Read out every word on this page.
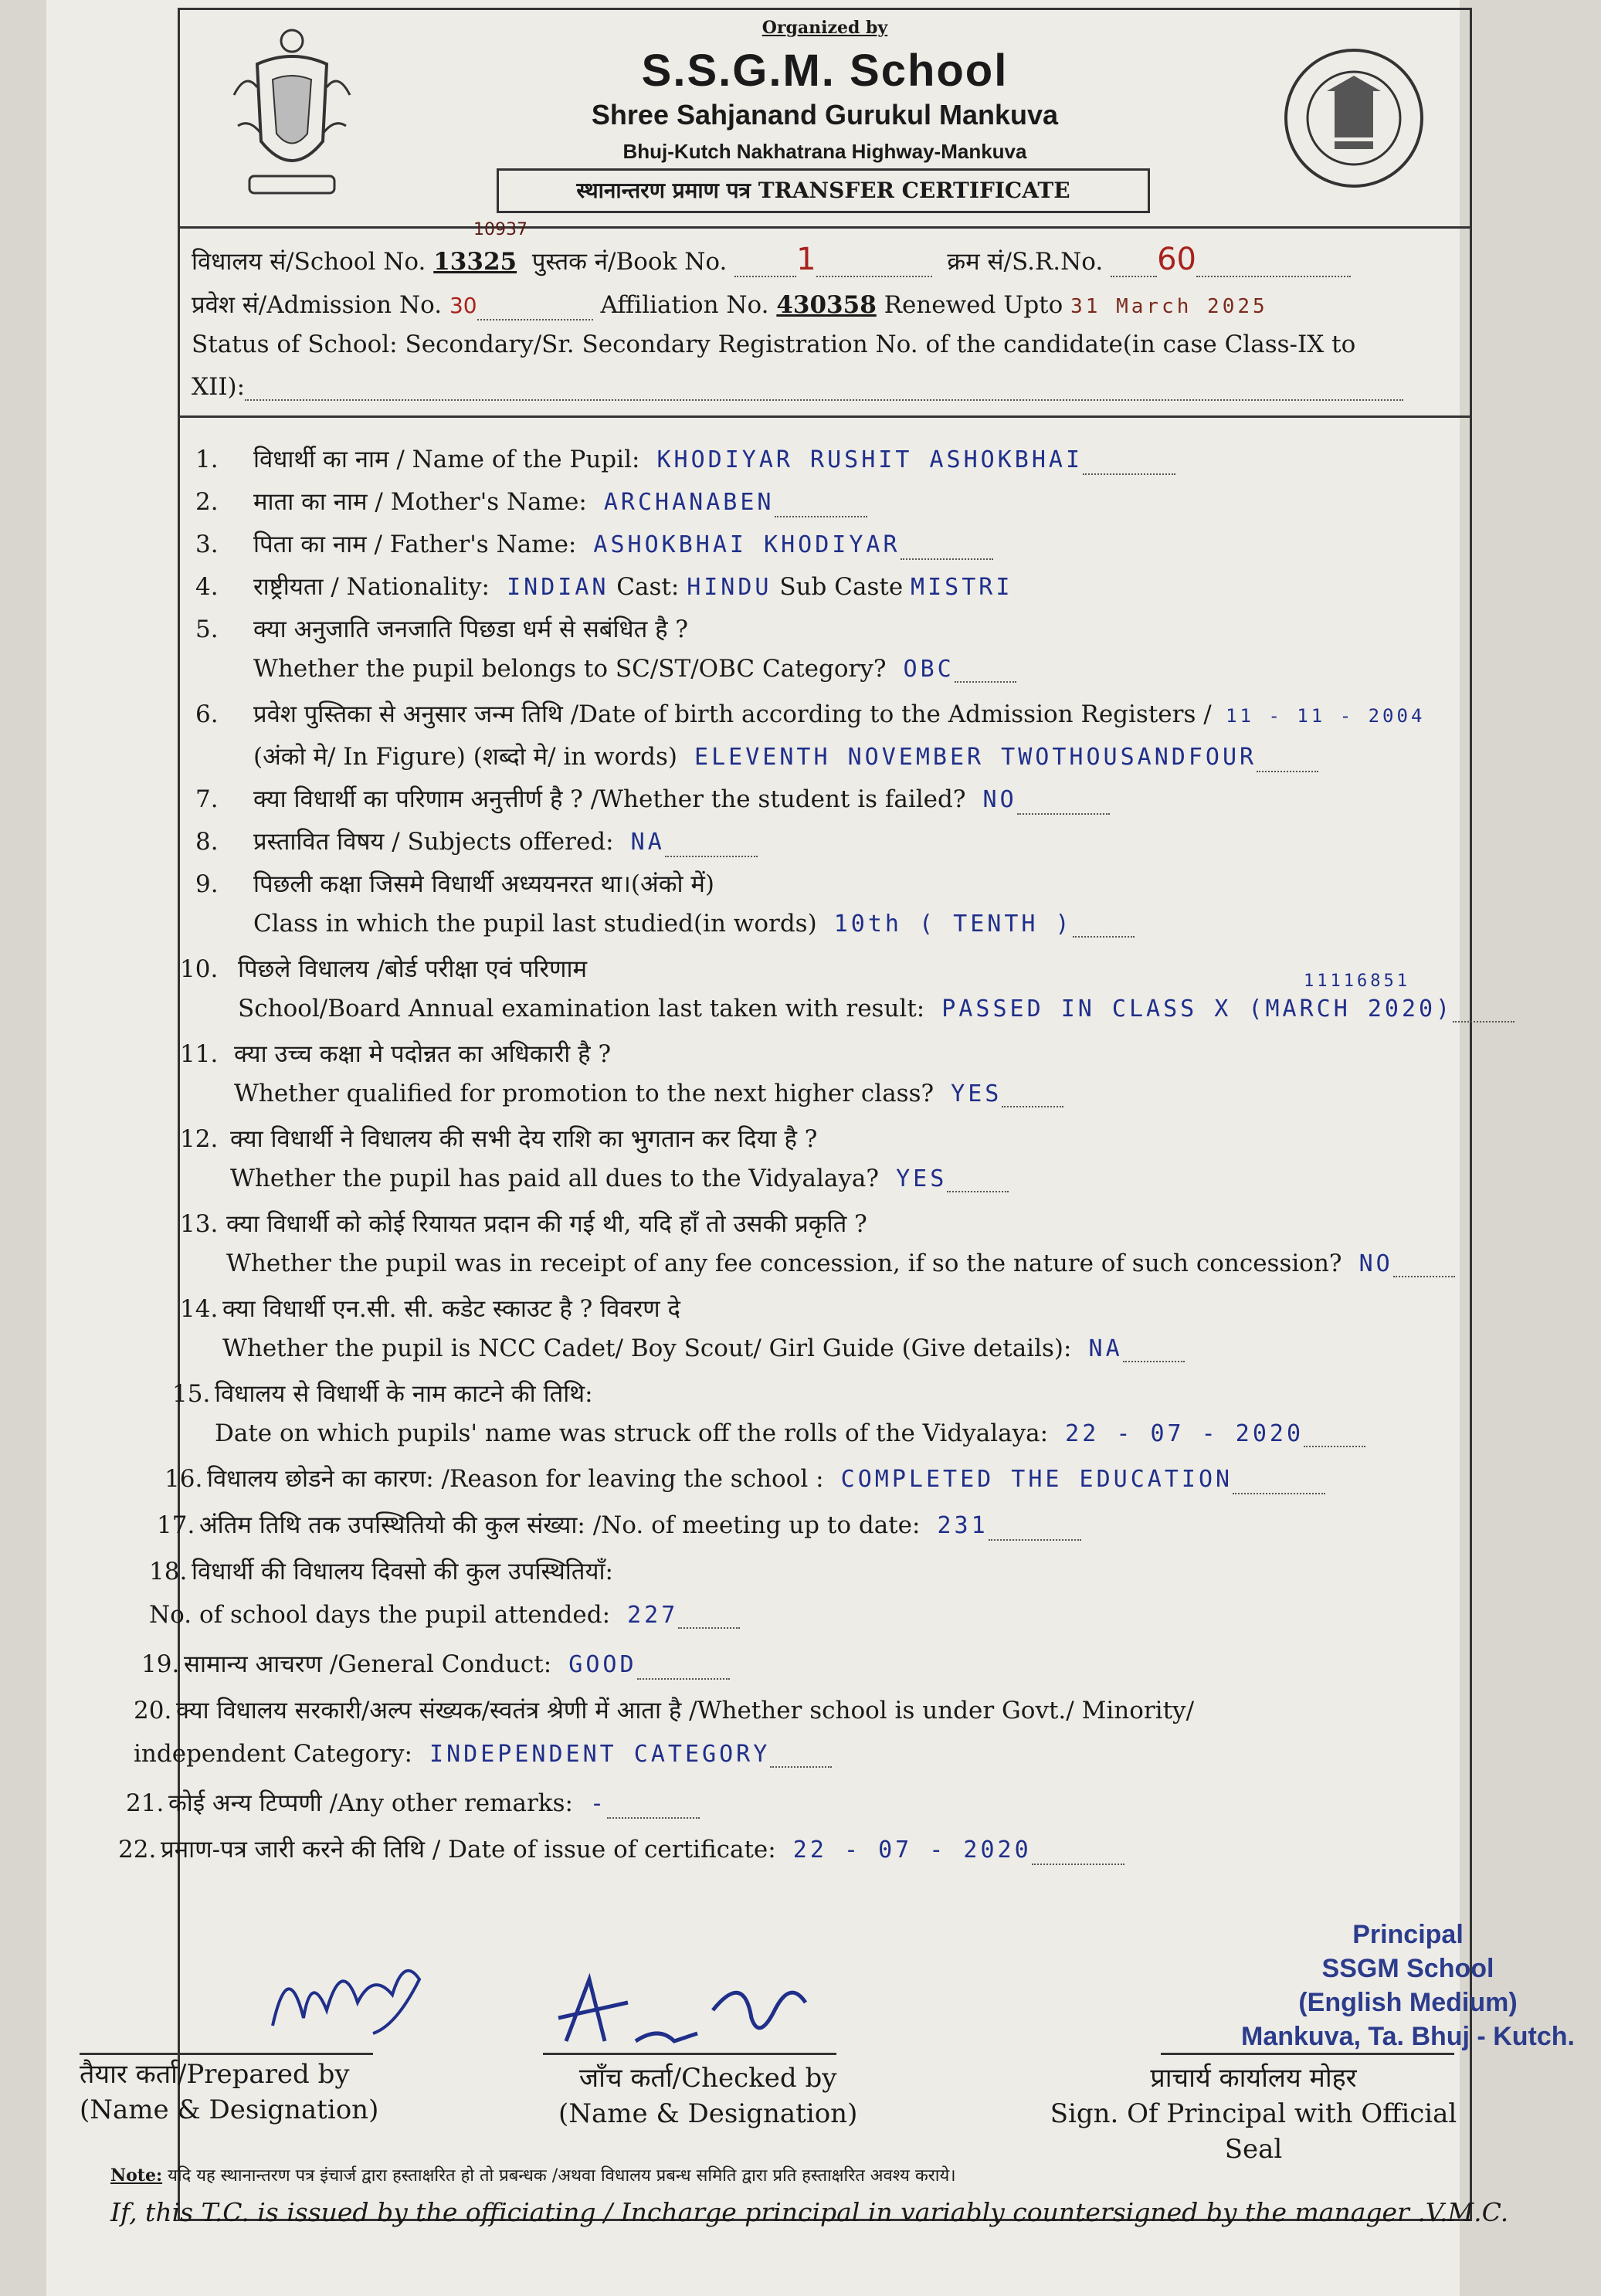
Organized by
S.S.G.M. School
Shree Sahjanand Gurukul Mankuva
Bhuj-Kutch Nakhatrana Highway-Mankuva
स्थानान्तरण प्रमाण पत्र TRANSFER CERTIFICATE
विधालय सं/School No. 13325
10937
पुस्तक नं/Book No. 1	क्रम सं/S.R.No. 60
प्रवेश सं/Admission No. 30	Affiliation No. 430358 Renewed Upto 31 March 2025
Status of School: Secondary/Sr. Secondary Registration No. of the candidate(in case Class-IX to
XII):
1. विधार्थी का नाम / Name of the Pupil: KHODIYAR RUSHIT ASHOKBHAI
2. माता का नाम / Mother's Name: ARCHANABEN
3. पिता का नाम / Father's Name: ASHOKBHAI KHODIYAR
4. राष्ट्रीयता / Nationality: INDIAN Cast: HINDU Sub Caste MISTRI
Whether the pupil belongs to SC/ST/OBC Category? OBC
5. क्या अनुजाति जनजाति पिछडा धर्म से सबंधित है ?
(अंको मे/ In Figure) (शब्दो मे/ in words) ELEVENTH NOVEMBER TWOTHOUSANDFOUR
6. प्रवेश पुस्तिका से अनुसार जन्म तिथि /Date of birth according to the Admission Registers / 11 - 11 - 2004
7. क्या विधार्थी का परिणाम अनुत्तीर्ण है ? /Whether the student is failed? NO
8. प्रस्तावित विषय / Subjects offered: NA
Class in which the pupil last studied(in words) 10th ( TENTH )
9. पिछली कक्षा जिसमे विधार्थी अध्ययनरत था।(अंको में)
School/Board Annual examination last taken with result: PASSED IN CLASS X (MARCH 2020)
11116851
10. पिछले विधालय /बोर्ड परीक्षा एवं परिणाम
Whether qualified for promotion to the next higher class? YES
11. क्या उच्च कक्षा मे पदोन्नत का अधिकारी है ?
Whether the pupil has paid all dues to the Vidyalaya? YES
12. क्या विधार्थी ने विधालय की सभी देय राशि का भुगतान कर दिया है ?
Whether the pupil was in receipt of any fee concession, if so the nature of such concession? NO
13. क्या विधार्थी को कोई रियायत प्रदान की गई थी, यदि हाँ तो उसकी प्रकृति ?
Whether the pupil is NCC Cadet/ Boy Scout/ Girl Guide (Give details): NA
14. क्या विधार्थी एन.सी. सी. कडेट स्काउट है ? विवरण दे
Date on which pupils' name was struck off the rolls of the Vidyalaya: 22 - 07 - 2020
15. विधालय से विधार्थी के नाम काटने की तिथि:
16. विधालय छोडने का कारण: /Reason for leaving the school : COMPLETED THE EDUCATION
17. अंतिम तिथि तक उपस्थितियो की कुल संख्या: /No. of meeting up to date: 231
No. of school days the pupil attended: 227
18. विधार्थी की विधालय दिवसो की कुल उपस्थितियाँ:
19. सामान्य आचरण /General Conduct: GOOD
independent Category: INDEPENDENT CATEGORY
20. क्या विधालय सरकारी/अल्प संख्यक/स्वतंत्र श्रेणी में आता है /Whether school is under Govt./ Minority/
21. कोई अन्य टिप्पणी /Any other remarks: -
22. प्रमाण-पत्र जारी करने की तिथि / Date of issue of certificate: 22 - 07 - 2020
Principal
SSGM School
(English Medium)
Mankuva, Ta. Bhuj - Kutch.
तैयार कर्ता/Prepared by
(Name & Designation)
जाँच कर्ता/Checked by
(Name & Designation)
प्राचार्य कार्यालय मोहर
Sign. Of Principal with Official Seal
Note: यदि यह स्थानान्तरण पत्र इंचार्ज द्वारा हस्ताक्षरित हो तो प्रबन्धक /अथवा विधालय प्रबन्ध समिति द्वारा प्रति हस्ताक्षरित अवश्य कराये।
If, this T.C. is issued by the officiating / Incharge principal in variably countersigned by the manager .V.M.C.
